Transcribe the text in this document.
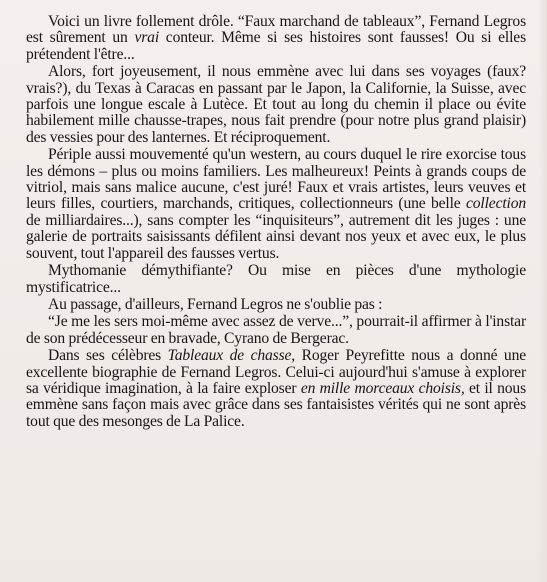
Voici un livre follement drôle. “Faux marchand de tableaux”, Fernand Legros est sûrement un vrai conteur. Même si ses histoires sont fausses! Ou si elles prétendent l'être...

Alors, fort joyeusement, il nous emmène avec lui dans ses voyages (faux? vrais?), du Texas à Caracas en passant par le Japon, la Californie, la Suisse, avec parfois une longue escale à Lutèce. Et tout au long du chemin il place ou évite habilement mille chausse-trapes, nous fait prendre (pour notre plus grand plaisir) des vessies pour des lanternes. Et réciproquement.

Périple aussi mouvementé qu'un western, au cours duquel le rire exorcise tous les démons – plus ou moins familiers. Les malheureux! Peints à grands coups de vitriol, mais sans malice aucune, c'est juré! Faux et vrais artistes, leurs veuves et leurs filles, courtiers, marchands, critiques, collectionneurs (une belle collection de milliardaires...), sans compter les “inquisiteurs”, autrement dit les juges : une galerie de portraits saisissants défilent ainsi devant nos yeux et avec eux, le plus souvent, tout l'appareil des fausses vertus.

Mythomanie démythifiante? Ou mise en pièces d'une mythologie mystificatrice...

Au passage, d'ailleurs, Fernand Legros ne s'oublie pas :

“Je me les sers moi-même avec assez de verve...”, pourrait-il affirmer à l'instar de son prédécesseur en bravade, Cyrano de Bergerac.

Dans ses célèbres Tableaux de chasse, Roger Peyrefitte nous a donné une excellente biographie de Fernand Legros. Celui-ci aujourd'hui s'amuse à explorer sa véridique imagination, à la faire exploser en mille morceaux choisis, et il nous emmène sans façon mais avec grâce dans ses fantaisistes vérités qui ne sont après tout que des mesonges de La Palice.
